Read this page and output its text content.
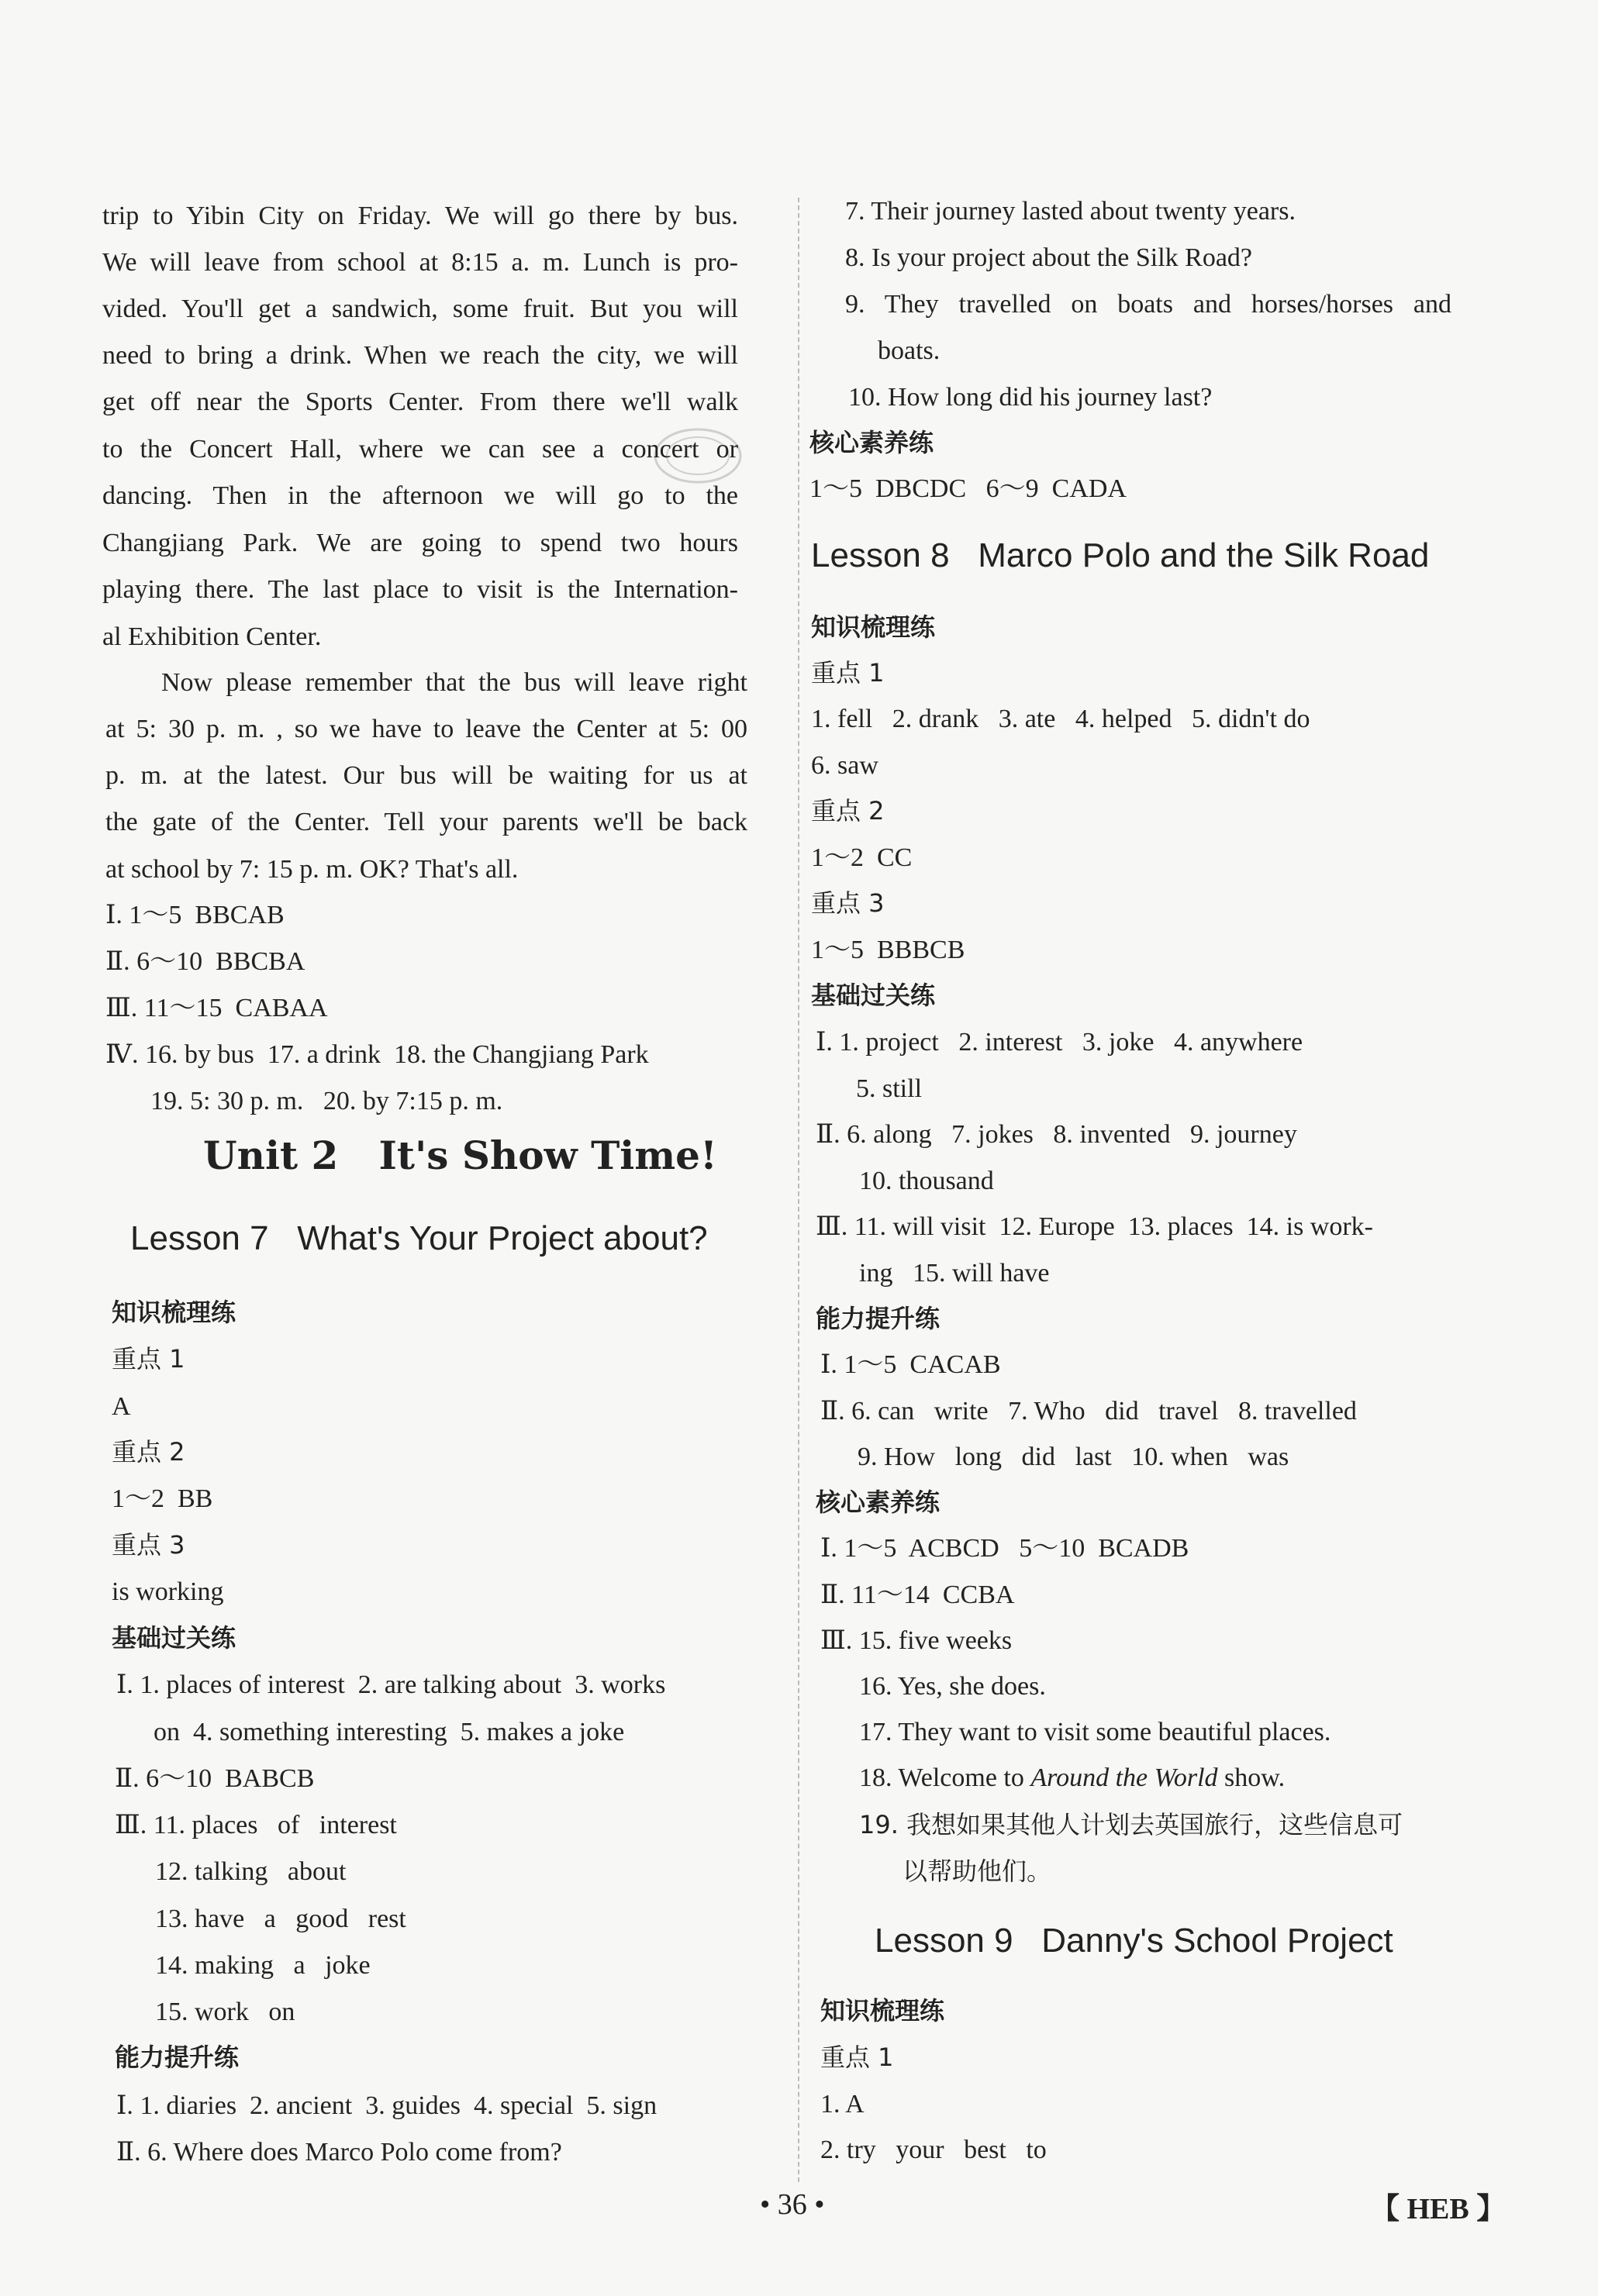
trip to Yibin City on Friday. We will go there by bus.
We will leave from school at 8:15 a. m. Lunch is pro-
vided. You'll get a sandwich, some fruit. But you will
need to bring a drink. When we reach the city, we will
get off near the Sports Center. From there we'll walk
to the Concert Hall, where we can see a concert or
dancing. Then in the afternoon we will go to the
Changjiang Park. We are going to spend two hours
playing there. The last place to visit is the Internation-
al Exhibition Center.
Now please remember that the bus will leave right
at 5: 30 p. m. , so we have to leave the Center at 5: 00
p. m. at the latest. Our bus will be waiting for us at
the gate of the Center. Tell your parents we'll be back
at school by 7: 15 p. m. OK? That's all.
Ⅰ. 1～5  BBCAB
Ⅱ. 6～10  BBCBA
Ⅲ. 11～15  CABAA
Ⅳ. 16. by bus  17. a drink  18. the Changjiang Park
19. 5: 30 p. m.   20. by 7:15 p. m.
Unit 2   It's Show Time!
Lesson 7   What's Your Project about?
知识梳理练
重点 1
A
重点 2
1～2  BB
重点 3
is working
基础过关练
Ⅰ. 1. places of interest  2. are talking about  3. works
on  4. something interesting  5. makes a joke
Ⅱ. 6～10  BABCB
Ⅲ. 11. places   of   interest
12. talking   about
13. have   a   good   rest
14. making   a   joke
15. work   on
能力提升练
Ⅰ. 1. diaries  2. ancient  3. guides  4. special  5. sign
Ⅱ. 6. Where does Marco Polo come from?
7. Their journey lasted about twenty years.
8. Is your project about the Silk Road?
9. They travelled on boats and horses/horses and
boats.
10. How long did his journey last?
核心素养练
1～5  DBCDC   6～9  CADA
Lesson 8   Marco Polo and the Silk Road
知识梳理练
重点 1
1. fell   2. drank   3. ate   4. helped   5. didn't do
6. saw
重点 2
1～2  CC
重点 3
1～5  BBBCB
基础过关练
Ⅰ. 1. project   2. interest   3. joke   4. anywhere
5. still
Ⅱ. 6. along   7. jokes   8. invented   9. journey
10. thousand
Ⅲ. 11. will visit  12. Europe  13. places  14. is work-
ing   15. will have
能力提升练
Ⅰ. 1～5  CACAB
Ⅱ. 6. can   write   7. Who   did   travel   8. travelled
9. How   long   did   last   10. when   was
核心素养练
Ⅰ. 1～5  ACBCD   5～10  BCADB
Ⅱ. 11～14  CCBA
Ⅲ. 15. five weeks
16. Yes, she does.
17. They want to visit some beautiful places.
18. Welcome to Around the World show.
19. 我想如果其他人计划去英国旅行，这些信息可
以帮助他们。
Lesson 9   Danny's School Project
知识梳理练
重点 1
1. A
2. try   your   best   to
• 36 •	【 HEB 】
